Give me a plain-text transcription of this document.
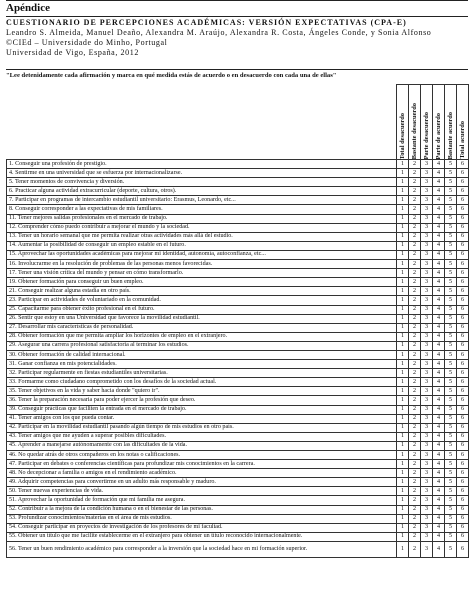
Apéndice
CUESTIONARIO DE PERCEPCIONES ACADÉMICAS: VERSIÓN EXPECTATIVAS (CPA-E)
Leandro S. Almeida, Manuel Deaño, Alexandra M. Araújo, Alexandra R. Costa, Ángeles Conde, y Sonia Alfonso
©CIEd – Universidade do Minho, Portugal
Universidad de Vigo, España, 2012
"Lee detenidamente cada afirmación y marca en qué medida estás de acuerdo o en desacuerdo con cada una de ellas"

	Total desacuerdo	Bastante desacuerdo	Parte desacuerdo	Parte de acuerdo	Bastante acuerdo	Total acuerdo

1. Conseguir una profesión de prestigio.	1	2	3	4	5	6
4. Sentirme en una universidad que se esfuerza por internacionalizarse.	1	2	3	4	5	6
5. Tener momentos de convivencia y diversión.	1	2	3	4	5	6
6. Practicar alguna actividad extracurricular (deporte, cultura, otros).	1	2	3	4	5	6
7. Participar en programas de intercambio estudiantil universitario: Erasmus, Leonardo, etc...	1	2	3	4	5	6
8. Conseguir corresponder a las expectativas de mis familiares.	1	2	3	4	5	6
11. Tener mejores salidas profesionales en el mercado de trabajo.	1	2	3	4	5	6
12. Comprender cómo puedo contribuir a mejorar el mundo y la sociedad.	1	2	3	4	5	6
13. Tener un horario semanal que me permita realizar otras actividades más allá del estudio.	1	2	3	4	5	6
14. Aumentar la posibilidad de conseguir un empleo estable en el futuro.	1	2	3	4	5	6
15. Aprovechar las oportunidades académicas para mejorar mi identidad, autonomía, autoconfianza, etc...	1	2	3	4	5	6
16. Involucrarme en la resolución de problemas de las personas menos favorecidas.	1	2	3	4	5	6
17. Tener una visión crítica del mundo y pensar en cómo transformarlo.	1	2	3	4	5	6
19. Obtener formación para conseguir un buen empleo.	1	2	3	4	5	6
21. Conseguir realizar alguna estadía en otro país.	1	2	3	4	5	6
23. Participar en actividades de voluntariado en la comunidad.	1	2	3	4	5	6
25. Capacitarme para obtener éxito profesional en el futuro.	1	2	3	4	5	6
26. Sentir que estoy en una Universidad que favorece la movilidad estudiantil.	1	2	3	4	5	6
27. Desarrollar mis características de personalidad.	1	2	3	4	5	6
28. Obtener formación que me permita ampliar los horizontes de empleo en el extranjero.	1	2	3	4	5	6
29. Asegurar una carrera profesional satisfactoria al terminar los estudios.	1	2	3	4	5	6
30. Obtener formación de calidad internacional.	1	2	3	4	5	6
31. Ganar confianza en mis potencialidades.	1	2	3	4	5	6
32. Participar regularmente en fiestas estudiantiles universitarias.	1	2	3	4	5	6
33. Formarme como ciudadano comprometido con los desafíos de la sociedad actual.	1	2	3	4	5	6
35. Tener objetivos en la vida y saber hacia donde "quiero ir".	1	2	3	4	5	6
36. Tener la preparación necesaria para poder ejercer la profesión que deseo.	1	2	3	4	5	6
39. Conseguir prácticas que faciliten la entrada en el mercado de trabajo.	1	2	3	4	5	6
41. Tener amigos con los que pueda contar.	1	2	3	4	5	6
42. Participar en la movilidad estudiantil pasando algún tiempo de mis estudios en otro país.	1	2	3	4	5	6
43. Tener amigos que me ayuden a superar posibles dificultades.	1	2	3	4	5	6
45. Aprender a manejarse autónomamente con las dificultades de la vida.	1	2	3	4	5	6
46. No quedar atrás de otros compañeros en los notas o calificaciones.	1	2	3	4	5	6
47. Participar en debates o conferencias científicas para profundizar mis conocimientos en la carrera.	1	2	3	4	5	6
48. No decepcionar a familia o amigos en el rendimiento académico.	1	2	3	4	5	6
49. Adquirir competencias para convertirme en un adulto más responsable y maduro.	1	2	3	4	5	6
50. Tener nuevas experiencias de vida.	1	2	3	4	5	6
51. Aprovechar la oportunidad de formación que mi familia me asegura.	1	2	3	4	5	6
52. Contribuir a la mejora de la condición humana o en el bienestar de las personas.	1	2	3	4	5	6
53. Profundizar conocimientos/materias en el área de mis estudios.	1	2	3	4	5	6
54. Conseguir participar en proyectos de investigación de los profesores de mi facultad.	1	2	3	4	5	6
55. Obtener un título que me facilite establecerme en el extranjero para obtener un título reconocido internacionalmente.	1	2	3	4	5	6
56. Tener un buen rendimiento académico para corresponder a la inversión que la sociedad hace en mi formación superior.	1	2	3	4	5	6
